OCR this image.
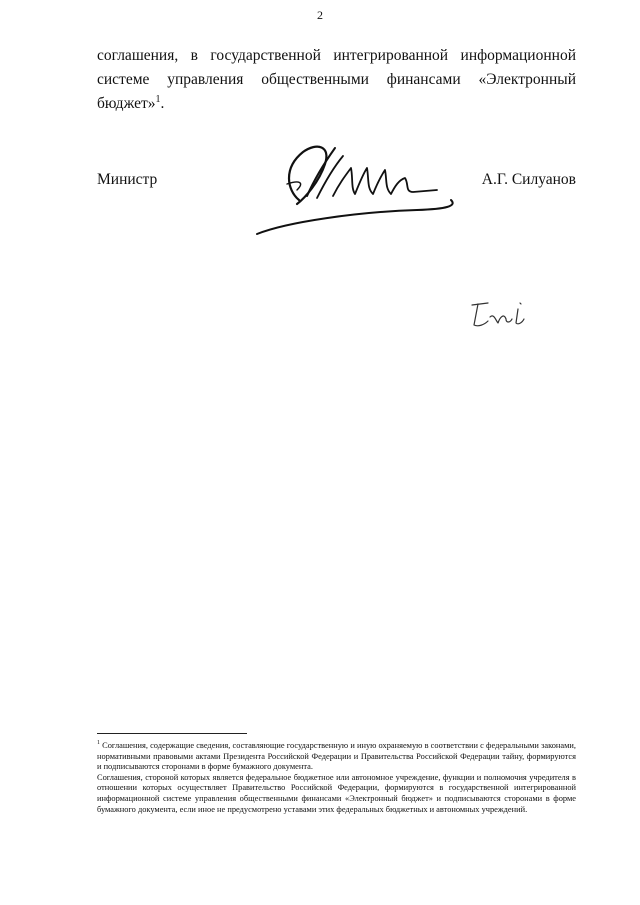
2
соглашения, в государственной интегрированной информационной системе управления общественными финансами «Электронный бюджет»$^1$.
Министр	А.Г. Силуанов

$^1$ Соглашения, содержащие сведения, составляющие государственную и иную охраняемую в соответствии с федеральными законами, нормативными правовыми актами Президента Российской Федерации и Правительства Российской Федерации тайну, формируются и подписываются сторонами в форме бумажного документа.

Соглашения, стороной которых является федеральное бюджетное или автономное учреждение, функции и полномочия учредителя в отношении которых осуществляет Правительство Российской Федерации, формируются в государственной интегрированной информационной системе управления общественными финансами «Электронный бюджет» и подписываются сторонами в форме бумажного документа, если иное не предусмотрено уставами этих федеральных бюджетных и автономных учреждений.
